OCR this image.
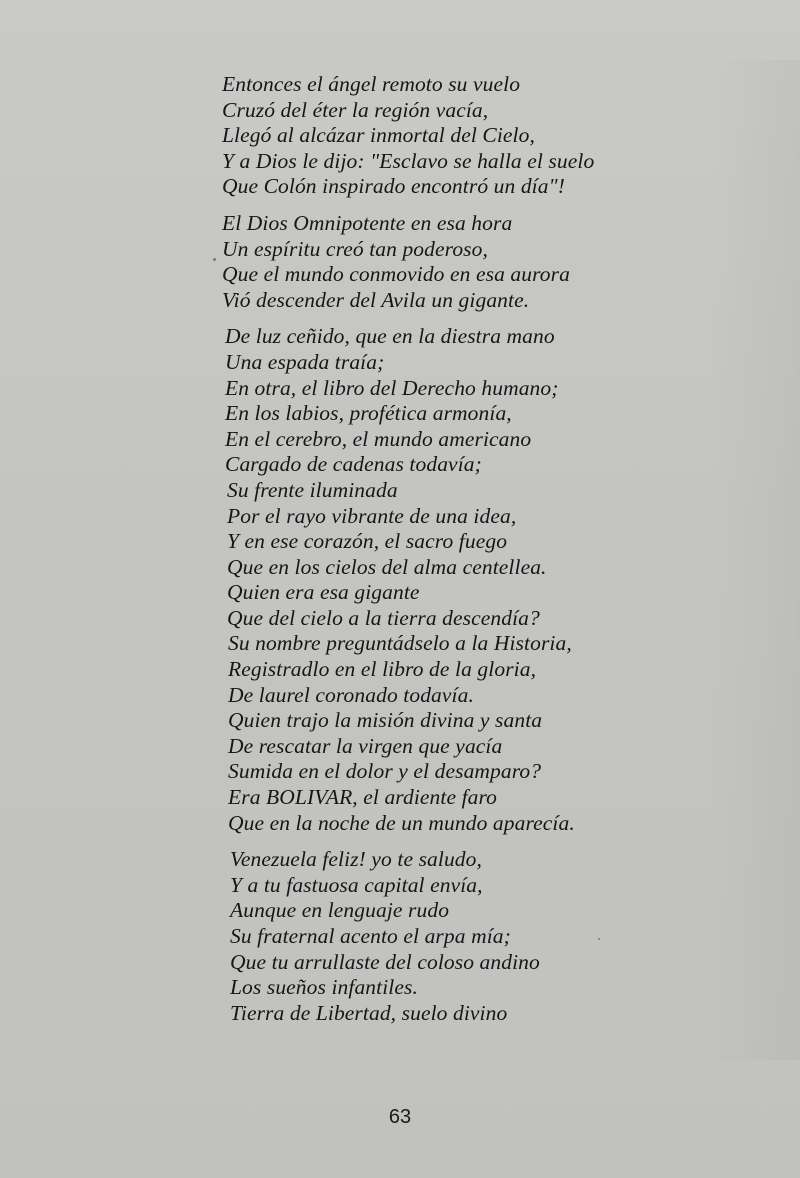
Entonces el ángel remoto su vuelo
Cruzó del éter la región vacía,
Llegó al alcázar inmortal del Cielo,
Y a Dios le dijo: "Esclavo se halla el suelo
Que Colón inspirado encontró un día"!
El Dios Omnipotente en esa hora
Un espíritu creó tan poderoso,
Que el mundo conmovido en esa aurora
Vió descender del Avila un gigante.
De luz ceñido, que en la diestra mano
Una espada traía;
En otra, el libro del Derecho humano;
En los labios, profética armonía,
En el cerebro, el mundo americano
Cargado de cadenas todavía;
Su frente iluminada
Por el rayo vibrante de una idea,
Y en ese corazón, el sacro fuego
Que en los cielos del alma centellea.
Quien era esa gigante
Que del cielo a la tierra descendía?
Su nombre preguntádselo a la Historia,
Registradlo en el libro de la gloria,
De laurel coronado todavía.
Quien trajo la misión divina y santa
De rescatar la virgen que yacía
Sumida en el dolor y el desamparo?
Era BOLIVAR, el ardiente faro
Que en la noche de un mundo aparecía.
Venezuela feliz! yo te saludo,
Y a tu fastuosa capital envía,
Aunque en lenguaje rudo
Su fraternal acento el arpa mía;
Que tu arrullaste del coloso andino
Los sueños infantiles.
Tierra de Libertad, suelo divino
63
